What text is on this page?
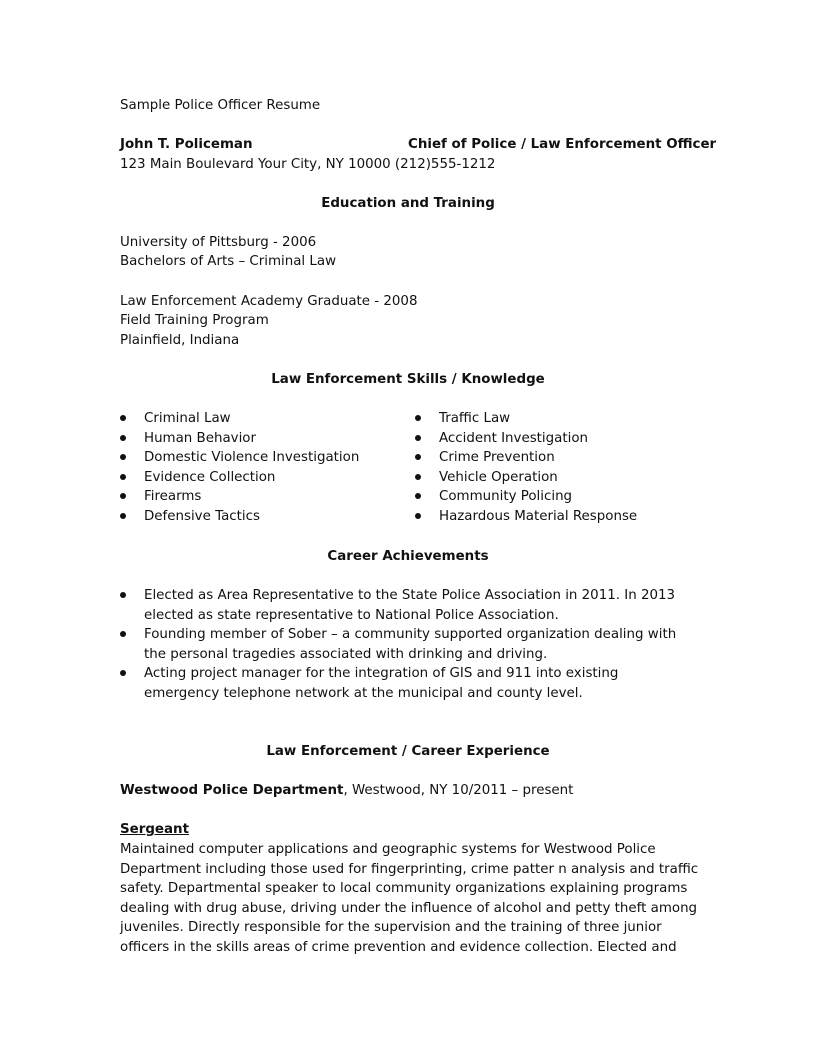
Sample Police Officer Resume
John T. Policeman	Chief of Police / Law Enforcement Officer
123 Main Boulevard Your City, NY 10000 (212)555-1212
Education and Training
University of Pittsburg - 2006
Bachelors of Arts – Criminal Law
Law Enforcement Academy Graduate - 2008
Field Training Program
Plainfield, Indiana
Law Enforcement Skills / Knowledge
Criminal Law
Human Behavior
Domestic Violence Investigation
Evidence Collection
Firearms
Defensive Tactics
Traffic Law
Accident Investigation
Crime Prevention
Vehicle Operation
Community Policing
Hazardous Material Response
Career Achievements
Elected as Area Representative to the State Police Association in 2011. In 2013 elected as state representative to National Police Association.
Founding member of Sober – a community supported organization dealing with the personal tragedies associated with drinking and driving.
Acting project manager for the integration of GIS and 911 into existing emergency telephone network at the municipal and county level.
Law Enforcement / Career Experience
Westwood Police Department, Westwood, NY 10/2011 – present
Sergeant
Maintained computer applications and geographic systems for Westwood Police
Department including those used for fingerprinting, crime patter n analysis and traffic
safety. Departmental speaker to local community organizations explaining programs
dealing with drug abuse, driving under the influence of alcohol and petty theft among
juveniles. Directly responsible for the supervision and the training of three junior
officers in the skills areas of crime prevention and evidence collection. Elected and
